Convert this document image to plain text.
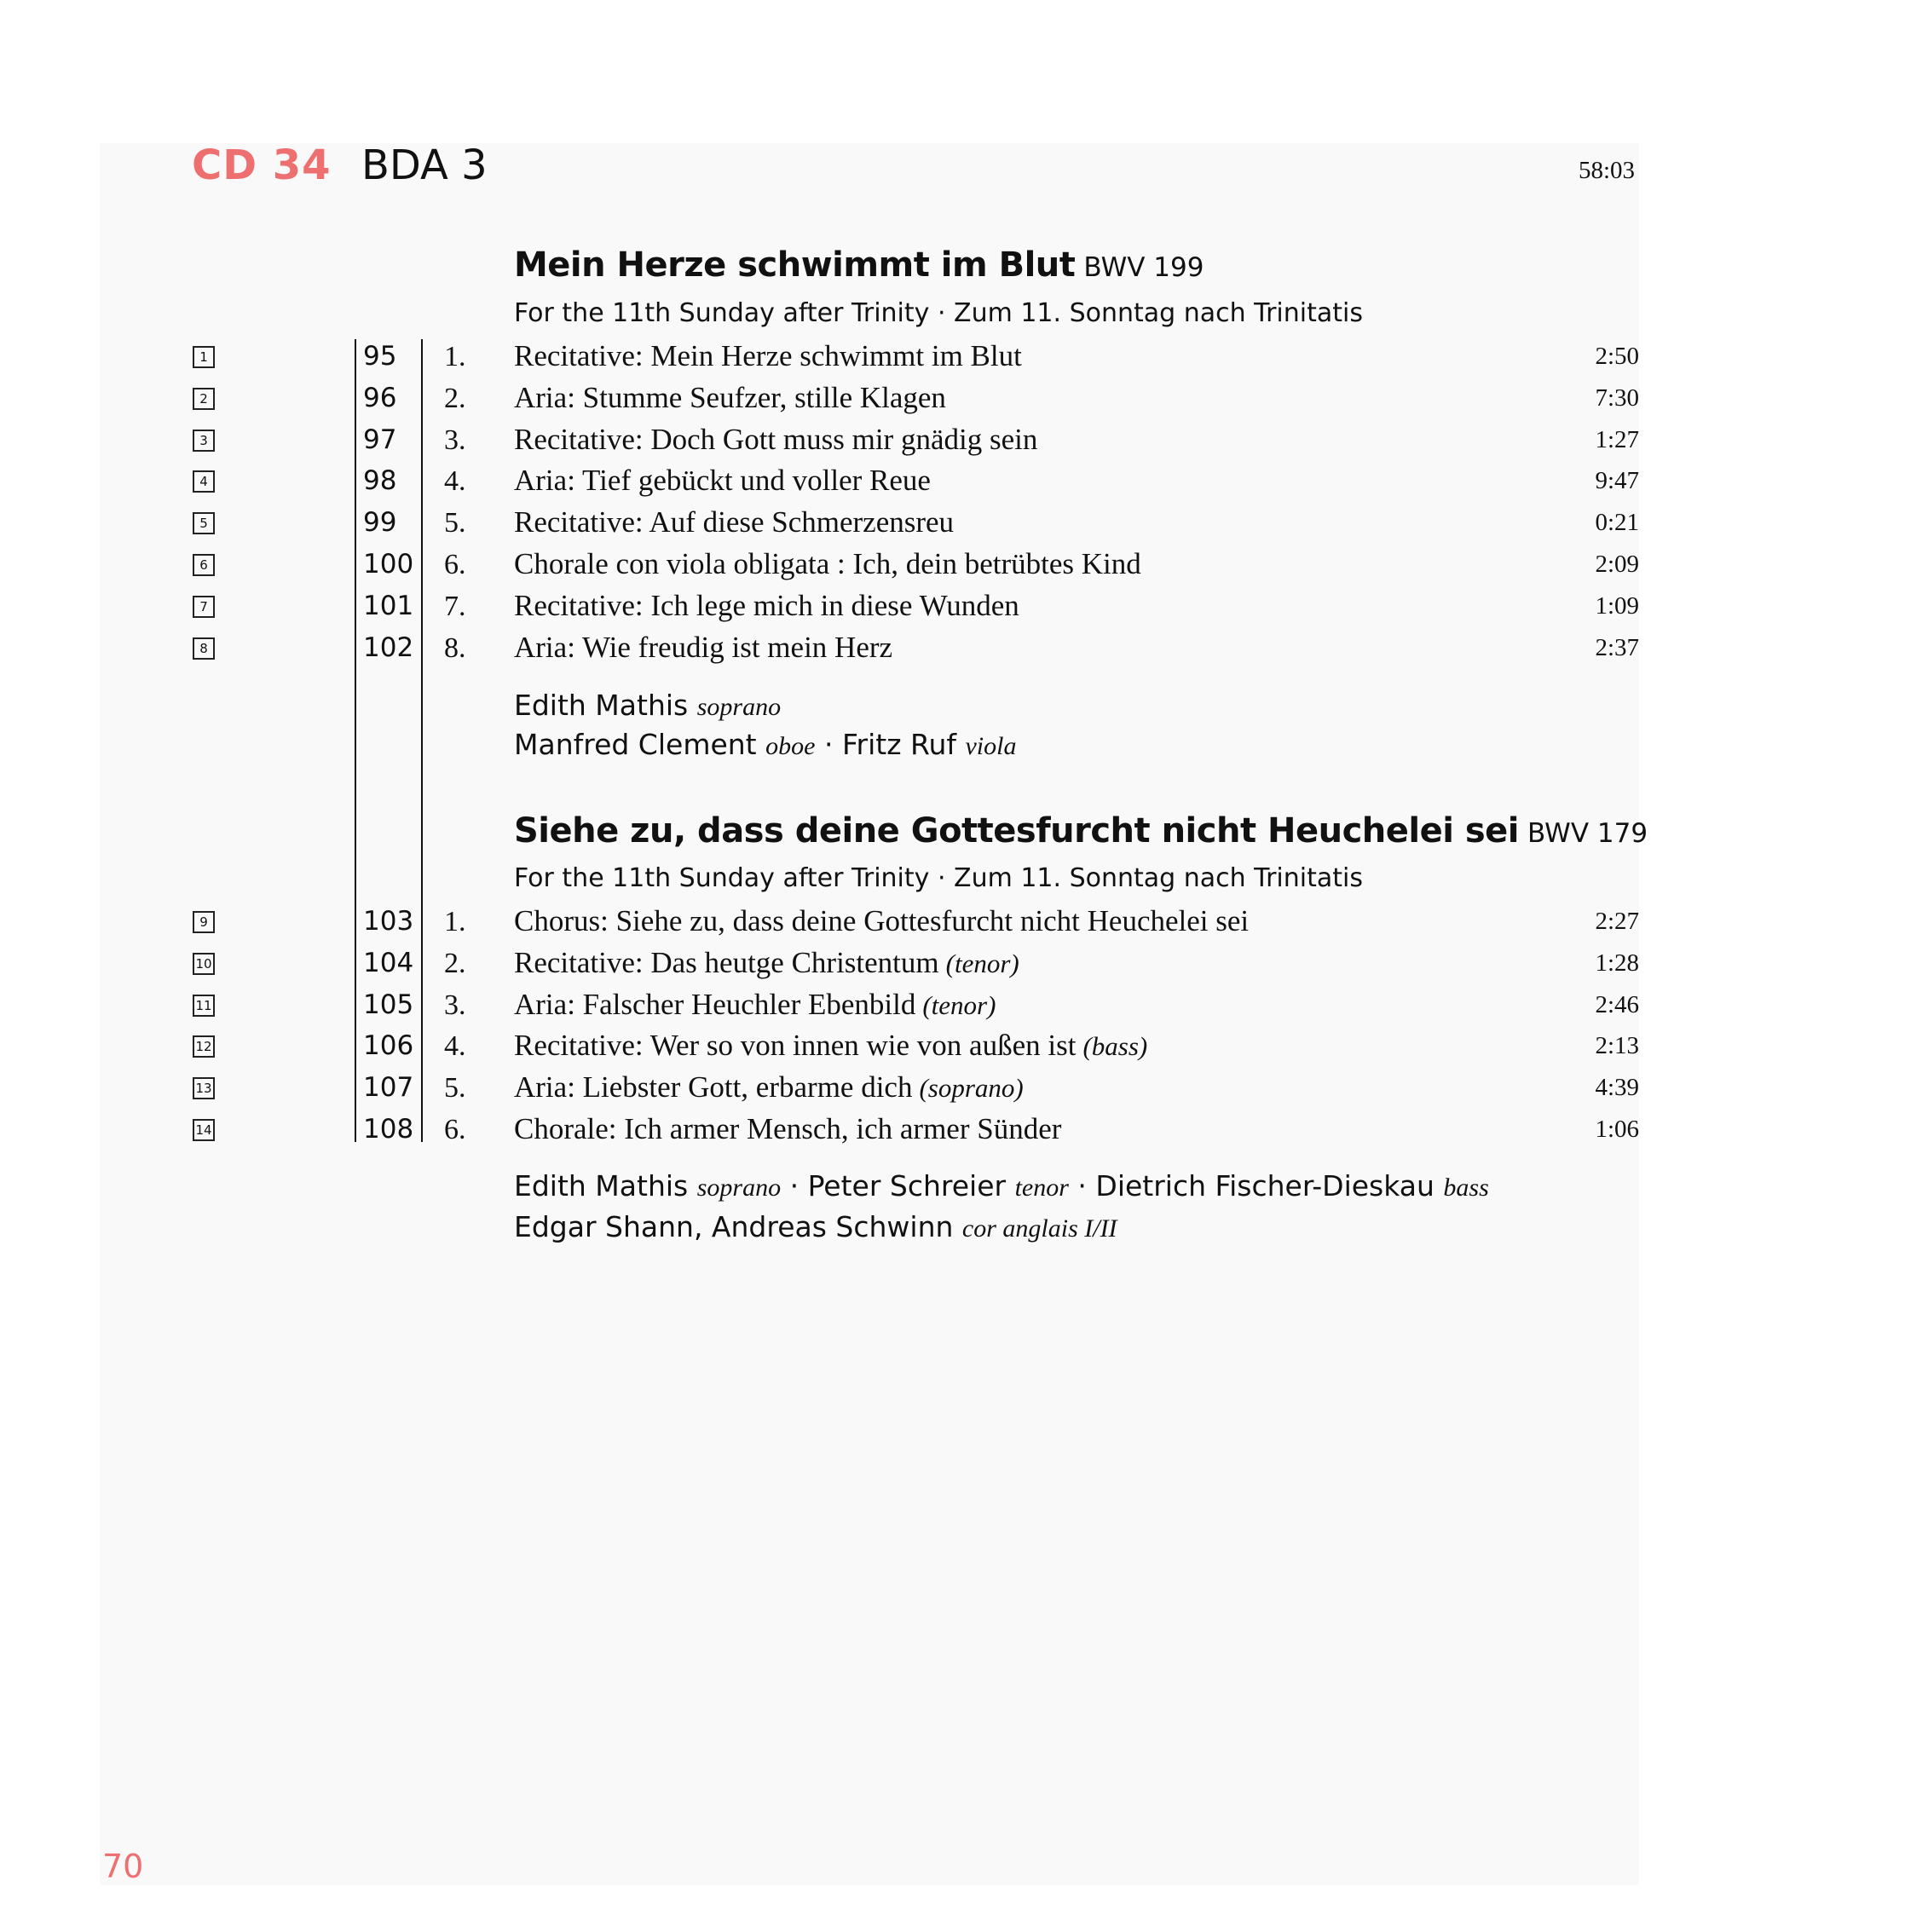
CD 34 BDA 3	58:03
Mein Herze schwimmt im Blut BWV 199
For the 11th Sunday after Trinity · Zum 11. Sonntag nach Trinitatis
1	95 1. Recitative: Mein Herze schwimmt im Blut	2:50
2	96 2. Aria: Stumme Seufzer, stille Klagen	7:30
3	97 3. Recitative: Doch Gott muss mir gnädig sein	1:27
4	98 4. Aria: Tief gebückt und voller Reue	9:47
5	99 5. Recitative: Auf diese Schmerzensreu	0:21
6	100 6. Chorale con viola obligata : Ich, dein betrübtes Kind	2:09
7	101 7. Recitative: Ich lege mich in diese Wunden	1:09
8	102 8. Aria: Wie freudig ist mein Herz	2:37
Edith Mathis soprano
Manfred Clement oboe · Fritz Ruf viola
Siehe zu, dass deine Gottesfurcht nicht Heuchelei sei BWV 179
For the 11th Sunday after Trinity · Zum 11. Sonntag nach Trinitatis
9	103 1. Chorus: Siehe zu, dass deine Gottesfurcht nicht Heuchelei sei	2:27
10	104 2. Recitative: Das heutge Christentum (tenor)	1:28
11	105 3. Aria: Falscher Heuchler Ebenbild (tenor)	2:46
12	106 4. Recitative: Wer so von innen wie von außen ist (bass)	2:13
13	107 5. Aria: Liebster Gott, erbarme dich (soprano)	4:39
14	108 6. Chorale: Ich armer Mensch, ich armer Sünder	1:06
Edith Mathis soprano · Peter Schreier tenor · Dietrich Fischer-Dieskau bass
Edgar Shann, Andreas Schwinn cor anglais I/II
70
